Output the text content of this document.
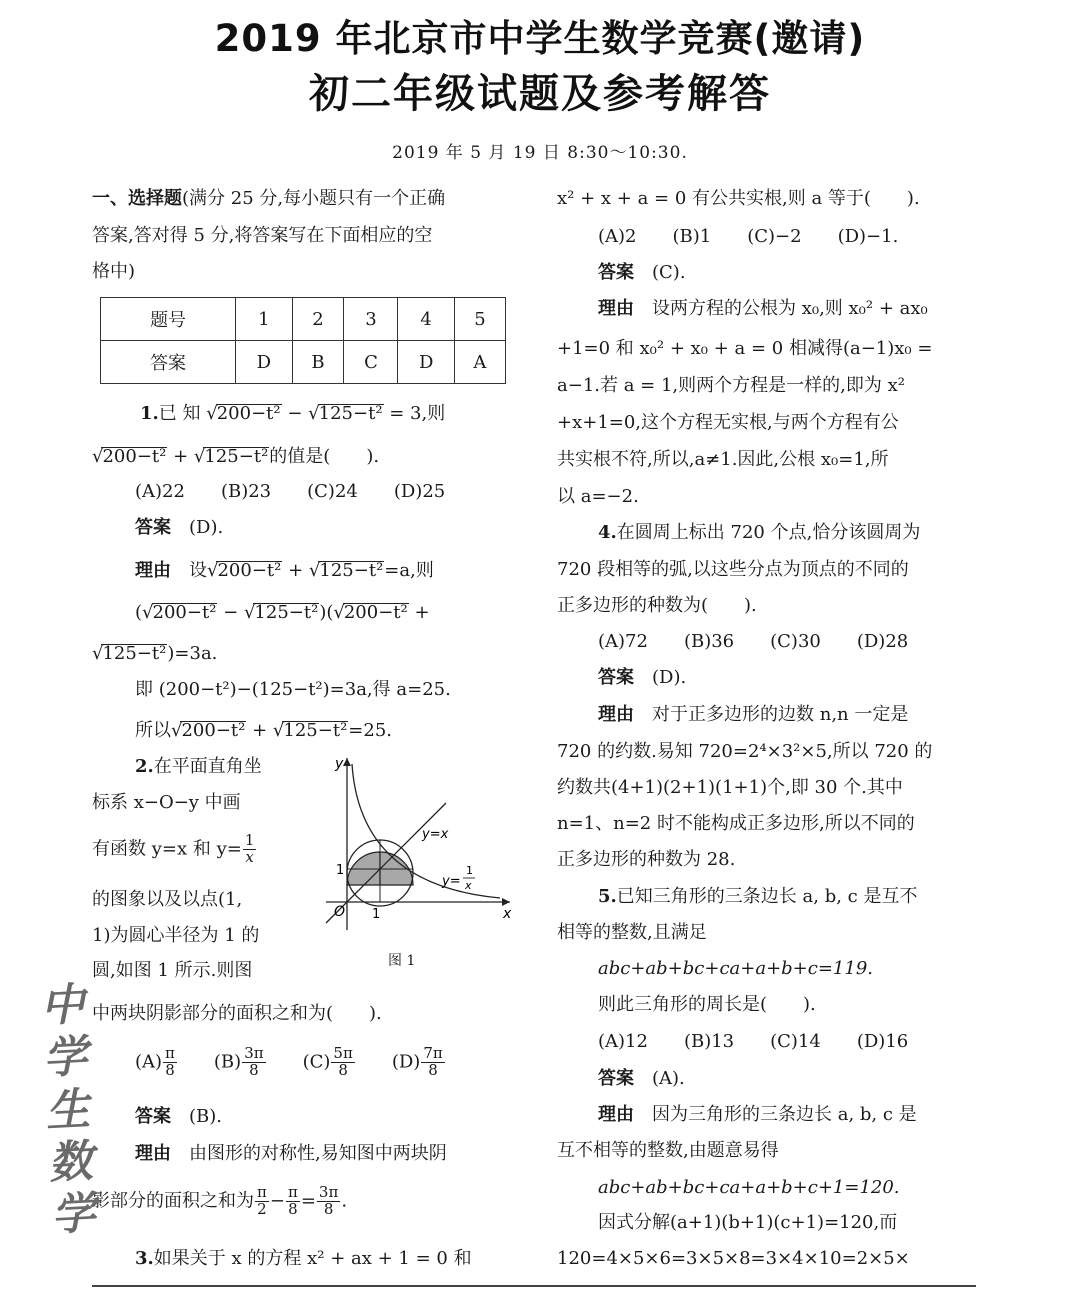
2019 年北京市中学生数学竞赛(邀请)
初二年级试题及参考解答
2019 年 5 月 19 日 8:30～10:30.
一、选择题(满分 25 分,每小题只有一个正确
答案,答对得 5 分,将答案写在下面相应的空
格中)
题号	1	2	3	4	5
答案	D	B	C	D	A
1.已 知 √200−t² − √125−t² = 3,则
√200−t² + √125−t²的值是(　　).
(A)22　　(B)23　　(C)24　　(D)25
答案　 (D).
理由　 设√200−t² + √125−t²=a,则
(√200−t² − √125−t²)(√200−t² +
√125−t²)=3a.
即 (200−t²)−(125−t²)=3a,得 a=25.
所以√200−t² + √125−t²=25.
2.在平面直角坐
标系 x−O−y 中画
有函数 y=x 和 $y= \frac{1}{x}$
的图象以及以点(1,
1)为圆心半径为 1 的
圆,如图 1 所示.则图
中两块阴影部分的面积之和为(　　).
$(A) \frac{\pi}{8}$
　　 $(B) \frac{3\pi}{8}$
　　 $(C) \frac{5\pi}{8}$
　　 $(D) \frac{7\pi}{8}$
答案　 (B).
理由　 由图形的对称性,易知图中两块阴
影部分的面积之和为 $\frac{\pi}{2} - \frac{\pi}{8} = \frac{3\pi}{8}$ .
y
x
O 1
1
y=x
y=
1
x
图 1
3.如果关于 x 的方程 x² + ax + 1 = 0 和
x² + x + a = 0 有公共实根,则 a 等于(　　).
(A)2　　(B)1　　(C)−2　　(D)−1.
答案　 (C).
理由　 设两方程的公根为 x₀,则 x₀² + ax₀
+1=0 和 x₀² + x₀ + a = 0 相减得(a−1)x₀ =
a−1.若 a = 1,则两个方程是一样的,即为 x²
+x+1=0,这个方程无实根,与两个方程有公
共实根不符,所以,a≠1.因此,公根 x₀=1,所
以 a=−2.
4.在圆周上标出 720 个点,恰分该圆周为
720 段相等的弧,以这些分点为顶点的不同的
正多边形的种数为(　　).
(A)72　　(B)36　　(C)30　　(D)28
答案　 (D).
理由　 对于正多边形的边数 n,n 一定是
720 的约数.易知 720=2⁴×3²×5,所以 720 的
约数共(4+1)(2+1)(1+1)个,即 30 个.其中
n=1、n=2 时不能构成正多边形,所以不同的
正多边形的种数为 28.
5.已知三角形的三条边长 a, b, c 是互不
相等的整数,且满足
abc+ab+bc+ca+a+b+c=119.
则此三角形的周长是(　　).
(A)12　　(B)13　　(C)14　　(D)16
答案　 (A).
理由　 因为三角形的三条边长 a, b, c 是
互不相等的整数,由题意易得
abc+ab+bc+ca+a+b+c+1=120.
因式分解(a+1)(b+1)(c+1)=120,而
120=4×5×6=3×5×8=3×4×10=2×5×
中
学
生
数
学
